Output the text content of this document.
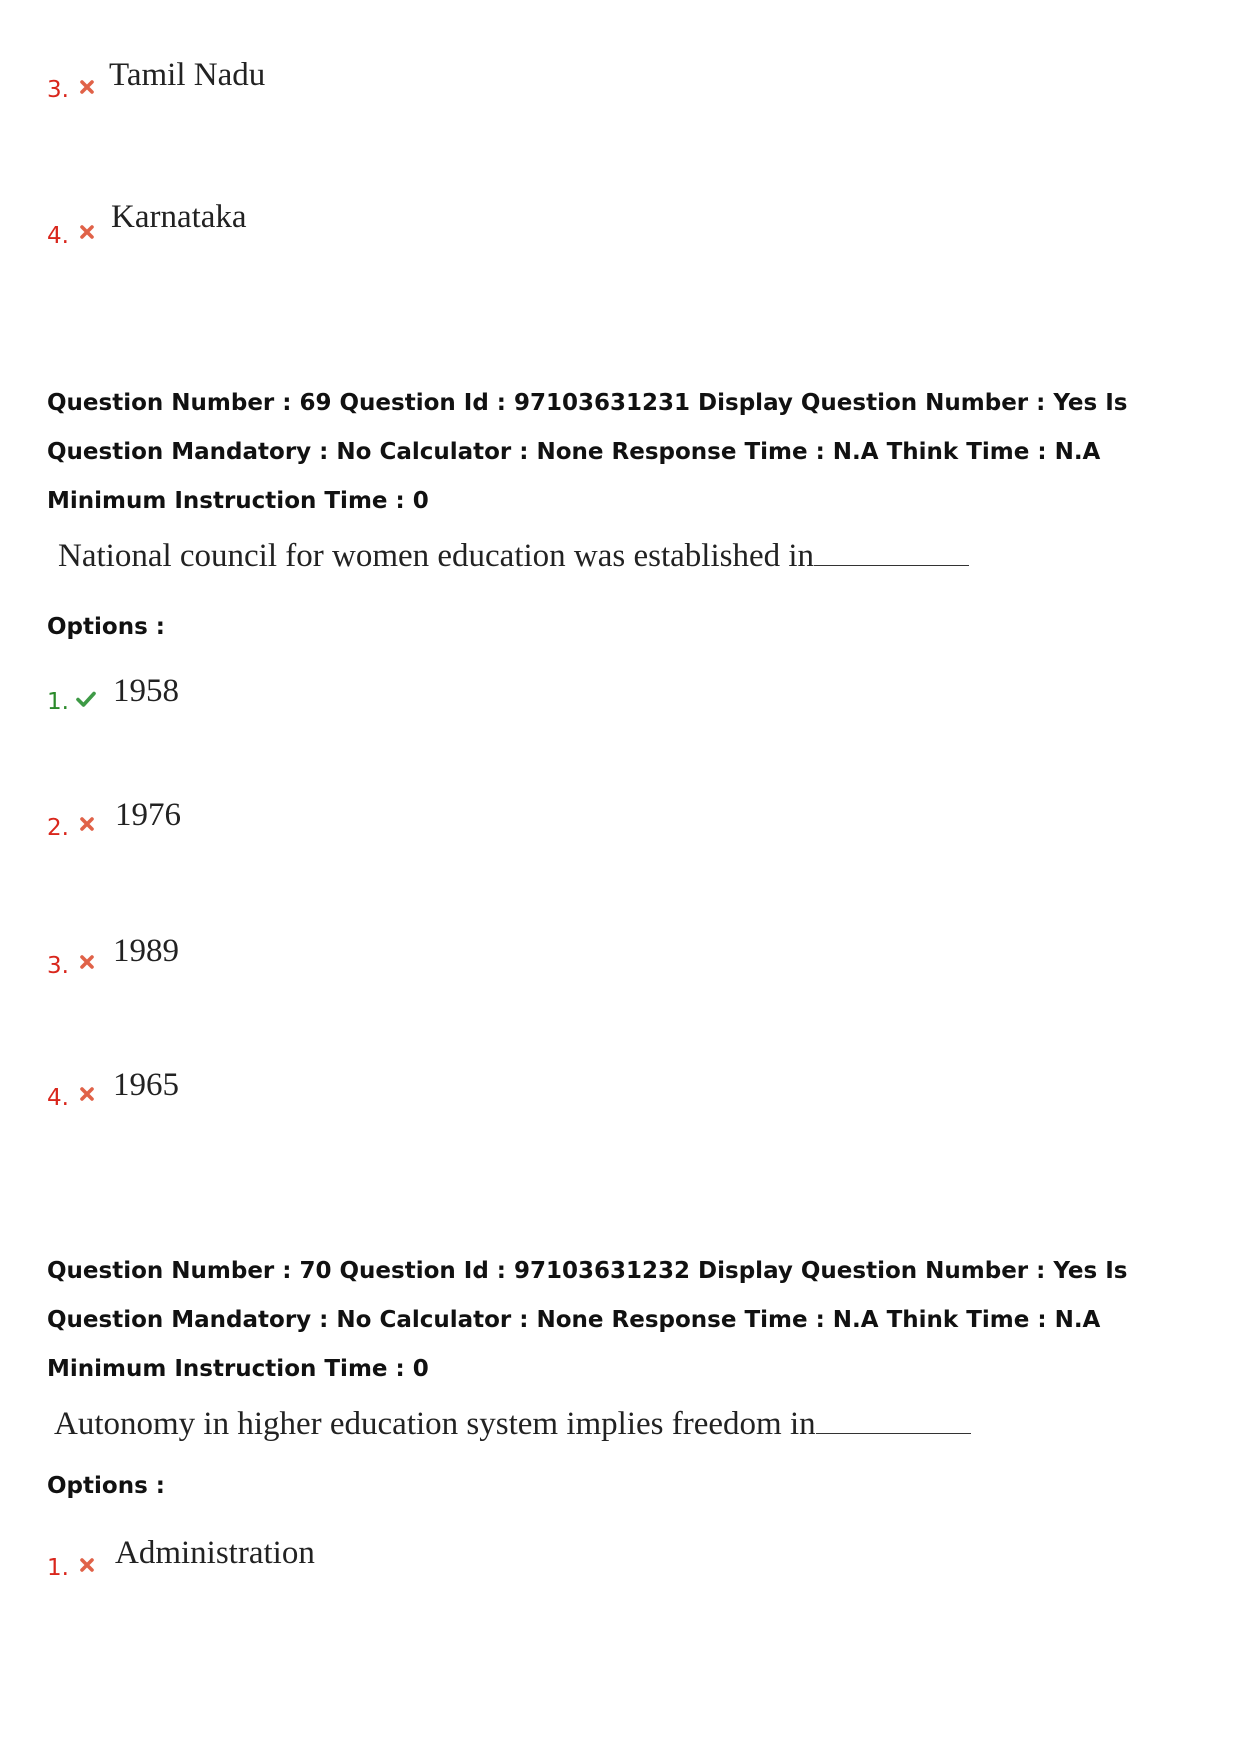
3. Tamil Nadu
4.
Karnataka

Question Number : 69 Question Id : 97103631231 Display Question Number : Yes Is Question Mandatory : No Calculator : None Response Time : N.A Think Time : N.A Minimum Instruction Time : 0

National council for women education was established in
Options :
1. 1958
2. 1976
3. 1989
4. 1965

Question Number : 70 Question Id : 97103631232 Display Question Number : Yes Is Question Mandatory : No Calculator : None Response Time : N.A Think Time : N.A Minimum Instruction Time : 0

Autonomy in higher education system implies freedom in
Options :
1. Administration
